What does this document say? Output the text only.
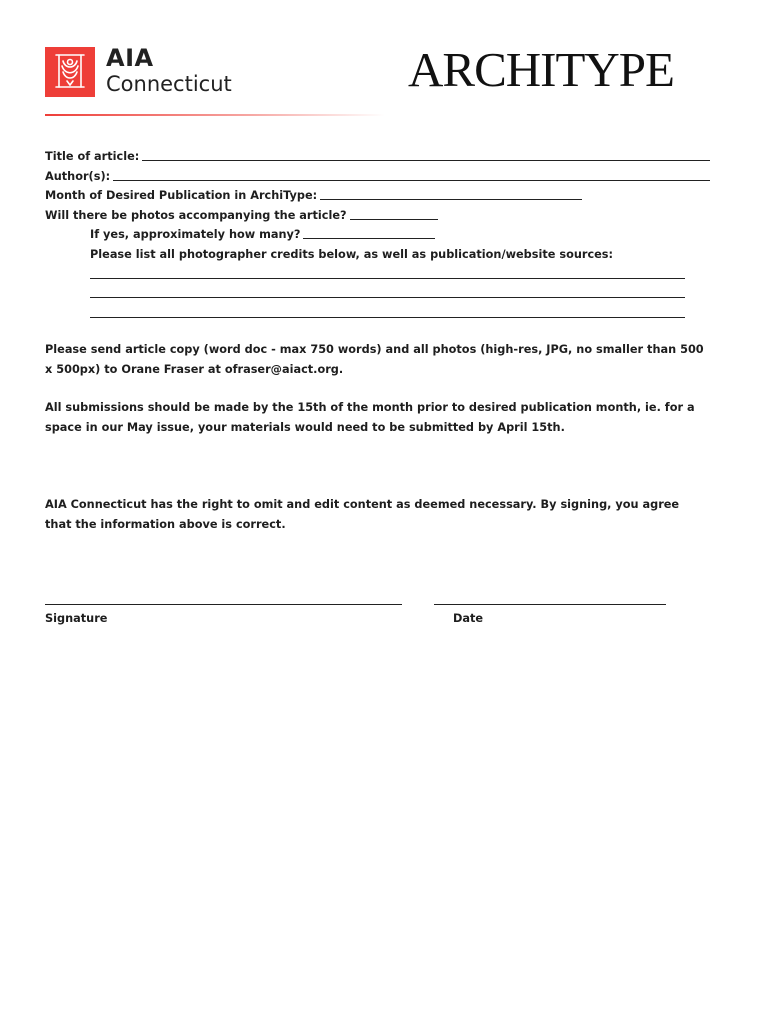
AIA
Connecticut	ARCHITYPE
Title of article:
Author(s):
Month of Desired Publication in ArchiType:
Will there be photos accompanying the article?
If yes, approximately how many?
Please list all photographer credits below, as well as publication/website sources:
Please send article copy (word doc - max 750 words) and all photos (high-res, JPG, no smaller than 500 x 500px) to Orane Fraser at ofraser@aiact.org.
All submissions should be made by the 15th of the month prior to desired publication month, ie. for a space in our May issue, your materials would need to be submitted by April 15th.
AIA Connecticut has the right to omit and edit content as deemed necessary. By signing, you agree that the information above is correct.
Signature	Date
